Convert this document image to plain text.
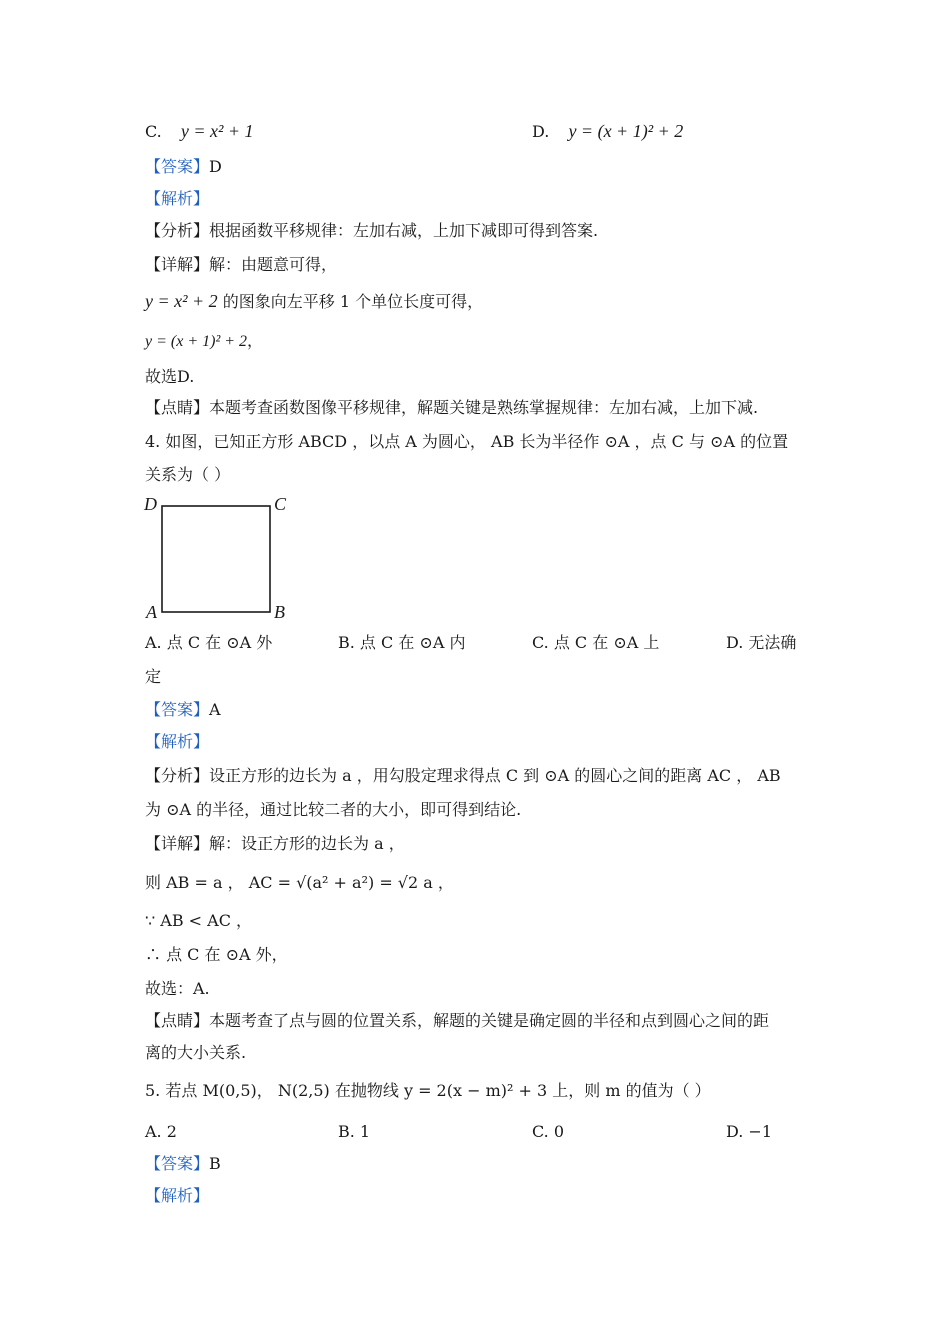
C. y = x² + 1	D. y = (x + 1)² + 2
【答案】D
【解析】
【分析】根据函数平移规律：左加右减，上加下减即可得到答案.
【详解】解：由题意可得，
y = x² + 2 的图象向左平移 1 个单位长度可得，
y = (x + 1)² + 2，
故选D.
【点睛】本题考查函数图像平移规律，解题关键是熟练掌握规律：左加右减，上加下减.
4. 如图，已知正方形 ABCD ，以点 A 为圆心， AB 长为半径作 ⊙A ，点 C 与 ⊙A 的位置
关系为（ ）
D	C
A	B
A. 点 C 在 ⊙A 外	B. 点 C 在 ⊙A 内	C. 点 C 在 ⊙A 上	D. 无法确
定
【答案】A
【解析】
【分析】设正方形的边长为 a ，用勾股定理求得点 C 到 ⊙A 的圆心之间的距离 AC ， AB
为 ⊙A 的半径，通过比较二者的大小，即可得到结论.
【详解】解：设正方形的边长为 a ，
则 AB = a ， AC = √(a² + a²) = √2 a ，
∵ AB < AC ，
∴ 点 C 在 ⊙A 外，
故选：A.
【点睛】本题考查了点与圆的位置关系，解题的关键是确定圆的半径和点到圆心之间的距
离的大小关系.
5. 若点 M(0,5)， N(2,5) 在抛物线 y = 2(x − m)² + 3 上，则 m 的值为（ ）
A. 2	B. 1	C. 0	D. −1
【答案】B
【解析】
